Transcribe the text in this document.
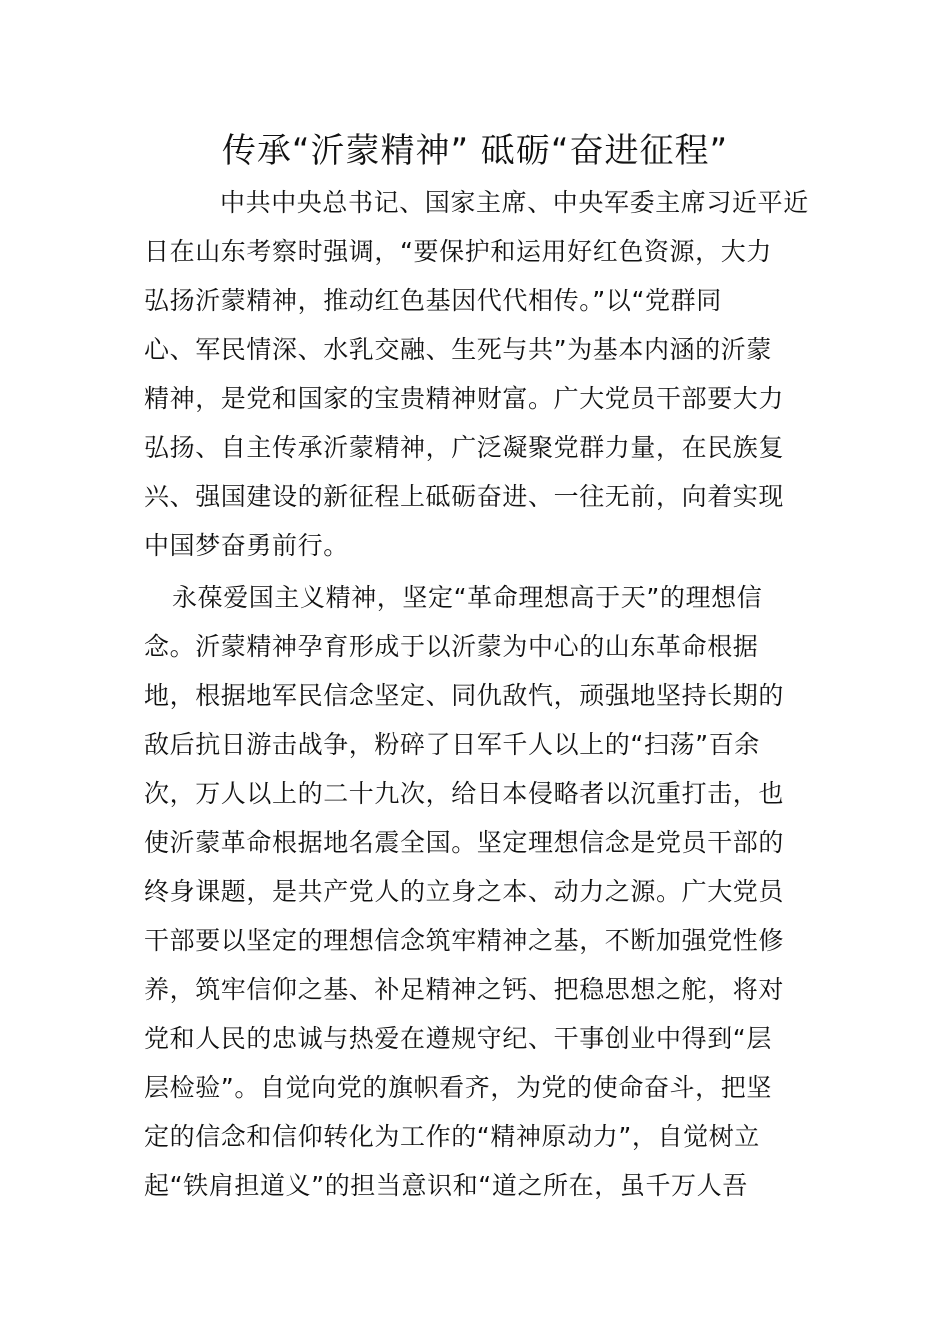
传承“沂蒙精神” 砥砺“奋进征程”
中共中央总书记、国家主席、中央军委主席习近平近
日在山东考察时强调，“要保护和运用好红色资源，大力
弘扬沂蒙精神，推动红色基因代代相传。”以“党群同
心、军民情深、水乳交融、生死与共”为基本内涵的沂蒙
精神，是党和国家的宝贵精神财富。广大党员干部要大力
弘扬、自主传承沂蒙精神，广泛凝聚党群力量，在民族复
兴、强国建设的新征程上砥砺奋进、一往无前，向着实现
中国梦奋勇前行。
永葆爱国主义精神，坚定“革命理想高于天”的理想信
念。沂蒙精神孕育形成于以沂蒙为中心的山东革命根据
地，根据地军民信念坚定、同仇敌忾，顽强地坚持长期的
敌后抗日游击战争，粉碎了日军千人以上的“扫荡”百余
次，万人以上的二十九次，给日本侵略者以沉重打击，也
使沂蒙革命根据地名震全国。坚定理想信念是党员干部的
终身课题，是共产党人的立身之本、动力之源。广大党员
干部要以坚定的理想信念筑牢精神之基，不断加强党性修
养，筑牢信仰之基、补足精神之钙、把稳思想之舵，将对
党和人民的忠诚与热爱在遵规守纪、干事创业中得到“层
层检验”。自觉向党的旗帜看齐，为党的使命奋斗，把坚
定的信念和信仰转化为工作的“精神原动力”，自觉树立
起“铁肩担道义”的担当意识和“道之所在，虽千万人吾
